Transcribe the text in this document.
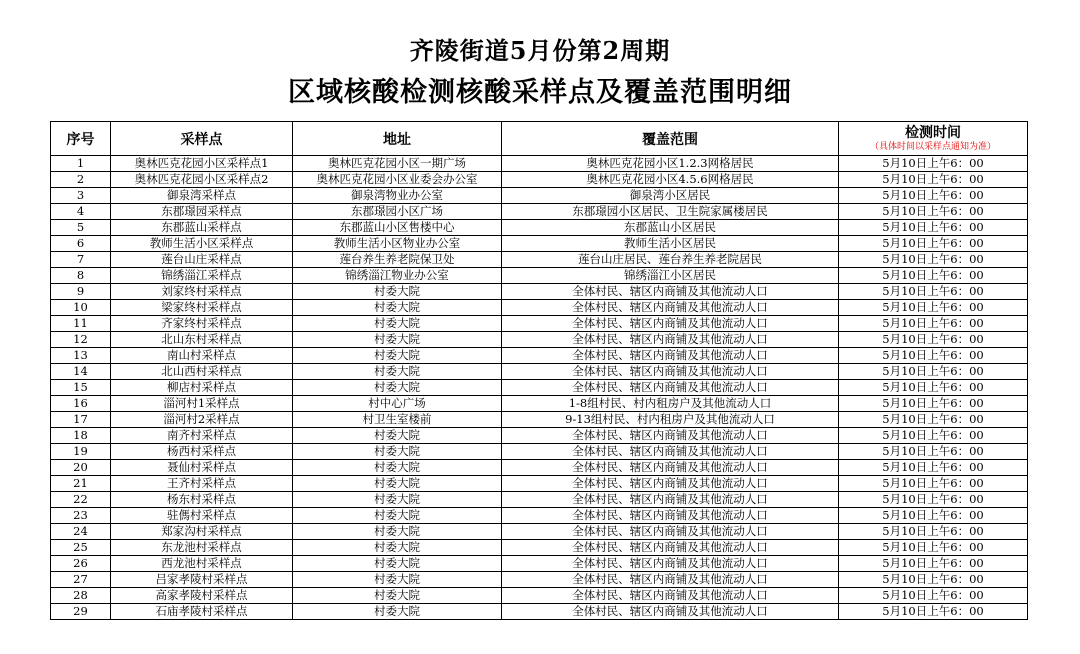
齐陵街道5月份第2周期
区域核酸检测核酸采样点及覆盖范围明细
序号	采样点	地址	覆盖范围	检测时间
（具体时间以采样点通知为准）

1	奥林匹克花园小区采样点1	奥林匹克花园小区一期广场	奥林匹克花园小区1.2.3网格居民	5月10日上午6：00
2	奥林匹克花园小区采样点2	奥林匹克花园小区业委会办公室	奥林匹克花园小区4.5.6网格居民	5月10日上午6：00
3	御泉湾采样点	御泉湾物业办公室	御泉湾小区居民	5月10日上午6：00
4	东郡璟园采样点	东郡璟园小区广场	东郡璟园小区居民、卫生院家属楼居民	5月10日上午6：00
5	东郡蓝山采样点	东郡蓝山小区售楼中心	东郡蓝山小区居民	5月10日上午6：00
6	教师生活小区采样点	教师生活小区物业办公室	教师生活小区居民	5月10日上午6：00
7	莲台山庄采样点	莲台养生养老院保卫处	莲台山庄居民、莲台养生养老院居民	5月10日上午6：00
8	锦绣淄江采样点	锦绣淄江物业办公室	锦绣淄江小区居民	5月10日上午6：00
9	刘家终村采样点	村委大院	全体村民、辖区内商铺及其他流动人口	5月10日上午6：00
10	梁家终村采样点	村委大院	全体村民、辖区内商铺及其他流动人口	5月10日上午6：00
11	齐家终村采样点	村委大院	全体村民、辖区内商铺及其他流动人口	5月10日上午6：00
12	北山东村采样点	村委大院	全体村民、辖区内商铺及其他流动人口	5月10日上午6：00
13	南山村采样点	村委大院	全体村民、辖区内商铺及其他流动人口	5月10日上午6：00
14	北山西村采样点	村委大院	全体村民、辖区内商铺及其他流动人口	5月10日上午6：00
15	柳店村采样点	村委大院	全体村民、辖区内商铺及其他流动人口	5月10日上午6：00
16	淄河村1采样点	村中心广场	1-8组村民、村内租房户及其他流动人口	5月10日上午6：00
17	淄河村2采样点	村卫生室楼前	9-13组村民、村内租房户及其他流动人口	5月10日上午6：00
18	南齐村采样点	村委大院	全体村民、辖区内商铺及其他流动人口	5月10日上午6：00
19	杨西村采样点	村委大院	全体村民、辖区内商铺及其他流动人口	5月10日上午6：00
20	聂仙村采样点	村委大院	全体村民、辖区内商铺及其他流动人口	5月10日上午6：00
21	王齐村采样点	村委大院	全体村民、辖区内商铺及其他流动人口	5月10日上午6：00
22	杨东村采样点	村委大院	全体村民、辖区内商铺及其他流动人口	5月10日上午6：00
23	驻傌村采样点	村委大院	全体村民、辖区内商铺及其他流动人口	5月10日上午6：00
24	郑家沟村采样点	村委大院	全体村民、辖区内商铺及其他流动人口	5月10日上午6：00
25	东龙池村采样点	村委大院	全体村民、辖区内商铺及其他流动人口	5月10日上午6：00
26	西龙池村采样点	村委大院	全体村民、辖区内商铺及其他流动人口	5月10日上午6：00
27	吕家孝陵村采样点	村委大院	全体村民、辖区内商铺及其他流动人口	5月10日上午6：00
28	高家孝陵村采样点	村委大院	全体村民、辖区内商铺及其他流动人口	5月10日上午6：00
29	石庙孝陵村采样点	村委大院	全体村民、辖区内商铺及其他流动人口	5月10日上午6：00
